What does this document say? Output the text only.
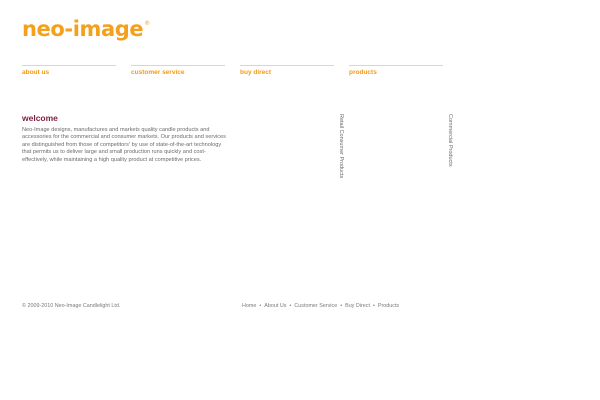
neo-image ®
about us	customer service	buy direct	products
welcome
Neo-Image designs, manufactures and markets quality candle products and accessories for the commercial and consumer markets. Our products and services are distinguished from those of competitors' by use of state-of-the-art technology that permits us to deliver large and small production runs quickly and cost-effectively, while maintaining a high quality product at competitive prices.	Retail Consumer Products	Commercial Products
© 2009-2010 Neo-Image Candlelight Ltd.	Home • About Us • Customer Service • Buy Direct • Products
